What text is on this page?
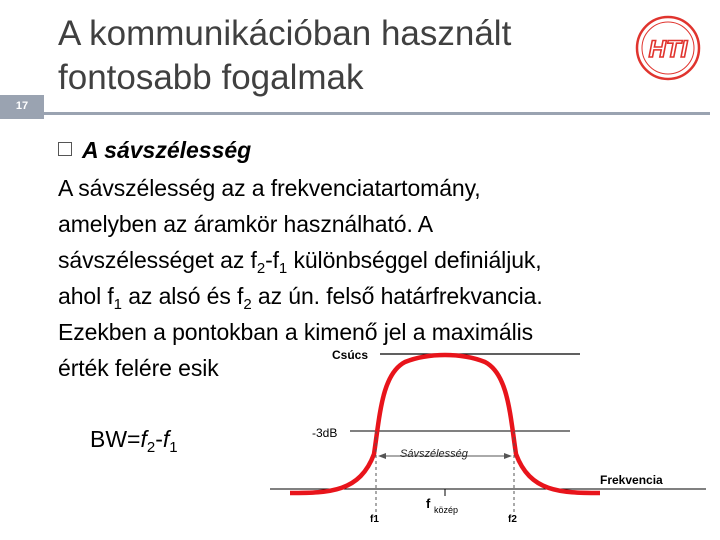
17
A kommunikációban használt
fontosabb fogalmak
HTI
A sávszélesség
A sávszélesség az a frekvenciatartomány,
amelyben az áramkör használható. A
sávszélességet az $f_2-f_1$ különbséggel definiáljuk,
ahol $f_1$ az alsó és $f_2$ az ún. felső határfrekvancia.
Ezekben a pontokban a kimenő jel a maximális
érték felére esik
$BW=f_2-f_1$
Csúcs
-3dB
Frekvencia
Sávszélesség
f közép
f1	f2
